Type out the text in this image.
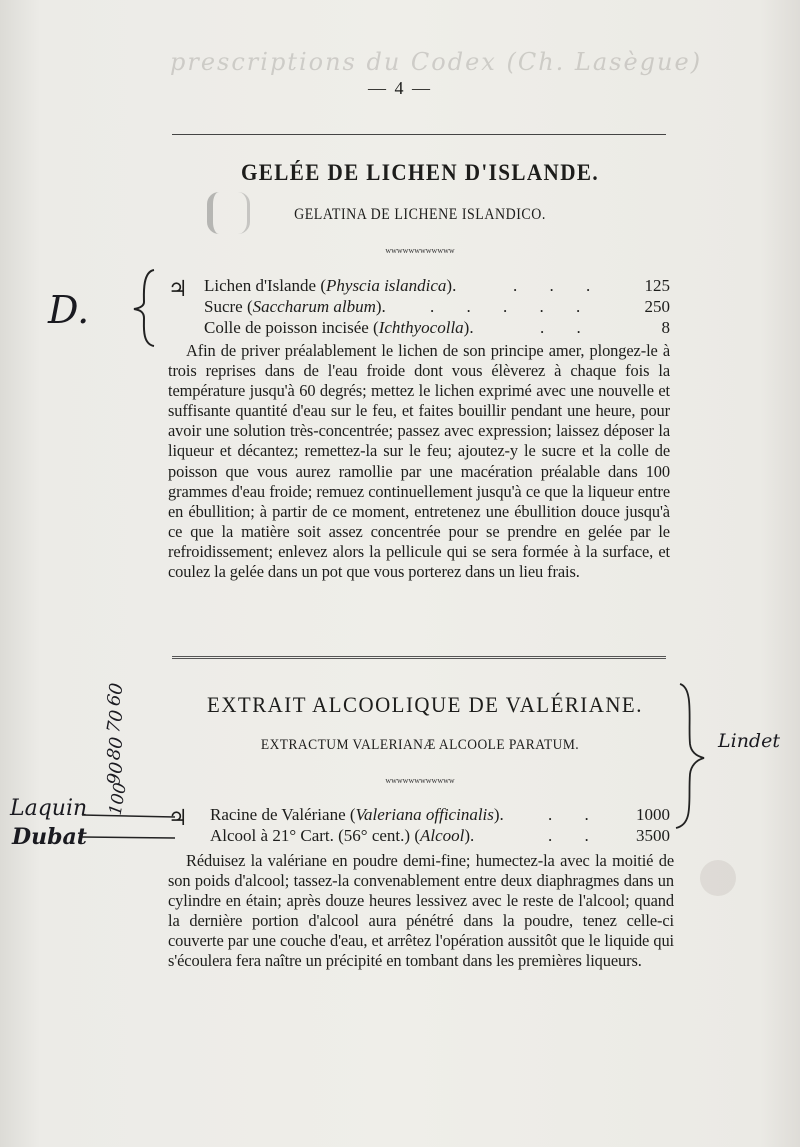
prescriptions du Codex (Ch. Lasègue)
— 4 —
GELÉE DE LICHEN D'ISLANDE.
GELATINA DE LICHENE ISLANDICO.
wwwwwwwwwwww
D.	♃ Lichen d'Islande (Physcia islandica).	. . . 125
Sucre (Saccharum album).	. . . . .	250
Colle de poisson incisée (Ichthyocolla).	. .	8

Afin de priver préalablement le lichen de son principe amer, plongez-le à trois reprises dans de l'eau froide dont vous élèverez à chaque fois la température jusqu'à 60 degrés; mettez le lichen exprimé avec une nouvelle et suffisante quantité d'eau sur le feu, et faites bouillir pendant une heure, pour avoir une solution très-concentrée; passez avec expression; laissez déposer la liqueur et décantez; remettez-la sur le feu; ajoutez-y le sucre et la colle de poisson que vous aurez ramollie par une macération préalable dans 100 grammes d'eau froide; remuez continuellement jusqu'à ce que la liqueur entre en ébullition; à partir de ce moment, entretenez une ébullition douce jusqu'à ce que la matière soit assez concentrée pour se prendre en gelée par le refroidissement; enlevez alors la pellicule qui se sera formée à la surface, et coulez la gelée dans un pot que vous porterez dans un lieu frais.

EXTRAIT ALCOOLIQUE DE VALÉRIANE.
EXTRACTUM VALERIANÆ ALCOOLE PARATUM.
wwwwwwwwwwww
60
70
80
90
100
Laquin
Dubat
Lindet
♃ Racine de Valériane (Valeriana officinalis).	. . 1000
Alcool à 21° Cart. (56° cent.) (Alcool).	. . 3500

Réduisez la valériane en poudre demi-fine; humectez-la avec la moitié de son poids d'alcool; tassez-la convenablement entre deux diaphragmes dans un cylindre en étain; après douze heures lessivez avec le reste de l'alcool; quand la dernière portion d'alcool aura pénétré dans la poudre, tenez celle-ci couverte par une couche d'eau, et arrêtez l'opération aussitôt que le liquide qui s'écoulera fera naître un précipité en tombant dans les premières liqueurs.
